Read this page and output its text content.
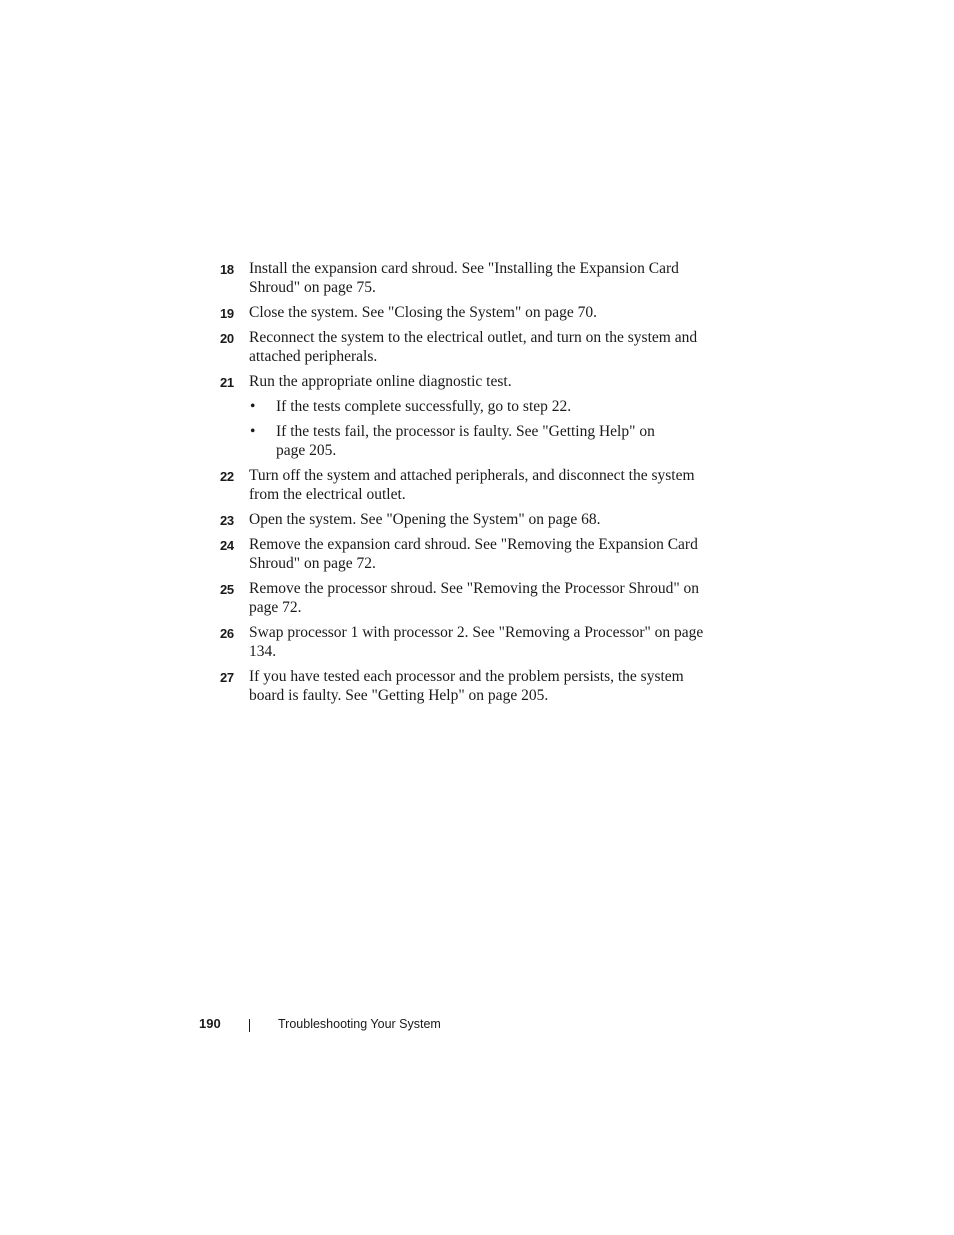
18 Install the expansion card shroud. See "Installing the Expansion Card Shroud" on page 75.
19 Close the system. See "Closing the System" on page 70.
20 Reconnect the system to the electrical outlet, and turn on the system and attached peripherals.
21 Run the appropriate online diagnostic test.
• If the tests complete successfully, go to step 22.
• If the tests fail, the processor is faulty. See "Getting Help" on page 205.
22 Turn off the system and attached peripherals, and disconnect the system from the electrical outlet.
23 Open the system. See "Opening the System" on page 68.
24 Remove the expansion card shroud. See "Removing the Expansion Card Shroud" on page 72.
25 Remove the processor shroud. See "Removing the Processor Shroud" on page 72.
26 Swap processor 1 with processor 2. See "Removing a Processor" on page 134.
27 If you have tested each processor and the problem persists, the system board is faulty. See "Getting Help" on page 205.
190	Troubleshooting Your System
